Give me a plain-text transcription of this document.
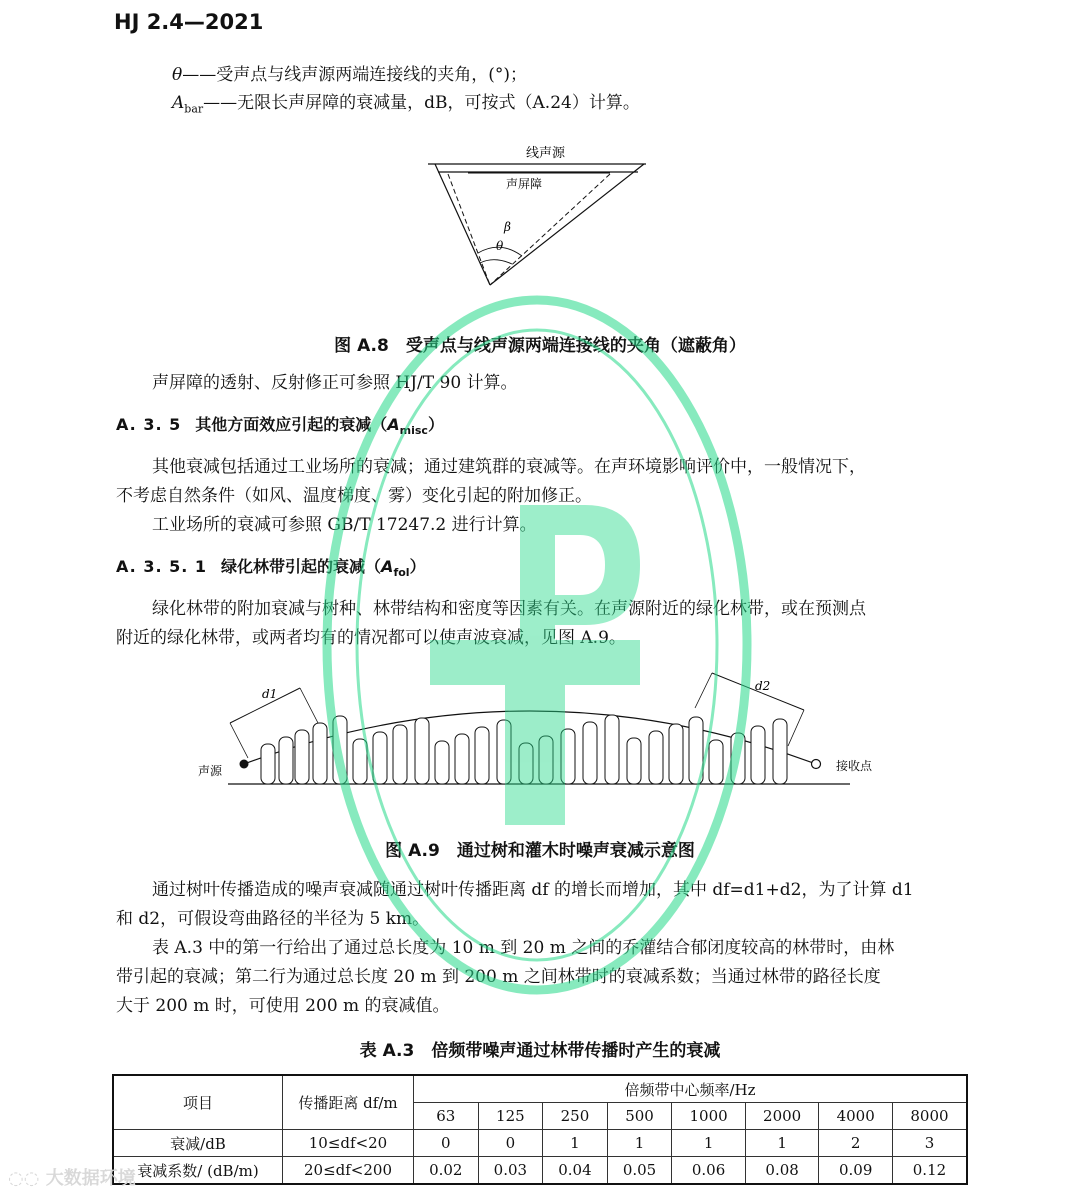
HJ 2.4—2021
θ——受声点与线声源两端连接线的夹角，(°)；
$A_{bar}——$无限长声屏障的衰减量，dB，可按式（A.24）计算。
线声源
声屏障
β
θ
图 A.8　受声点与线声源两端连接线的夹角（遮蔽角）
声屏障的透射、反射修正可参照 HJ/T 90 计算。
A. 3. 5 其他方面效应引起的衰减$(A_{misc})$
其他衰减包括通过工业场所的衰减；通过建筑群的衰减等。在声环境影响评价中，一般情况下，
不考虑自然条件（如风、温度梯度、雾）变化引起的附加修正。
工业场所的衰减可参照 GB/T 17247.2 进行计算。
A. 3. 5. 1 绿化林带引起的衰减$(A_{fol})$
绿化林带的附加衰减与树种、林带结构和密度等因素有关。在声源附近的绿化林带，或在预测点
附近的绿化林带，或两者均有的情况都可以使声波衰减，见图 A.9。
d1
d2
声源	接收点
图 A.9　通过树和灌木时噪声衰减示意图
通过树叶传播造成的噪声衰减随通过树叶传播距离 df 的增长而增加，其中 df=d1+d2，为了计算 d1
和 d2，可假设弯曲路径的半径为 5 km。
表 A.3 中的第一行给出了通过总长度为 10 m 到 20 m 之间的乔灌结合郁闭度较高的林带时，由林
带引起的衰减；第二行为通过总长度 20 m 到 200 m 之间林带时的衰减系数；当通过林带的路径长度
大于 200 m 时，可使用 200 m 的衰减值。
表 A.3　倍频带噪声通过林带传播时产生的衰减
项目	传播距离 df/m	倍频带中心频率/Hz							
		63	125	250	500	1000	2000	4000	8000
衰减/dB	10≤df<20	0	0	1	1	1	1	2	3
衰减系数/ (dB/m)	20≤df<200	0.02	0.03	0.04	0.05	0.06	0.08	0.09	0.12
◌◌ 大数据环境
